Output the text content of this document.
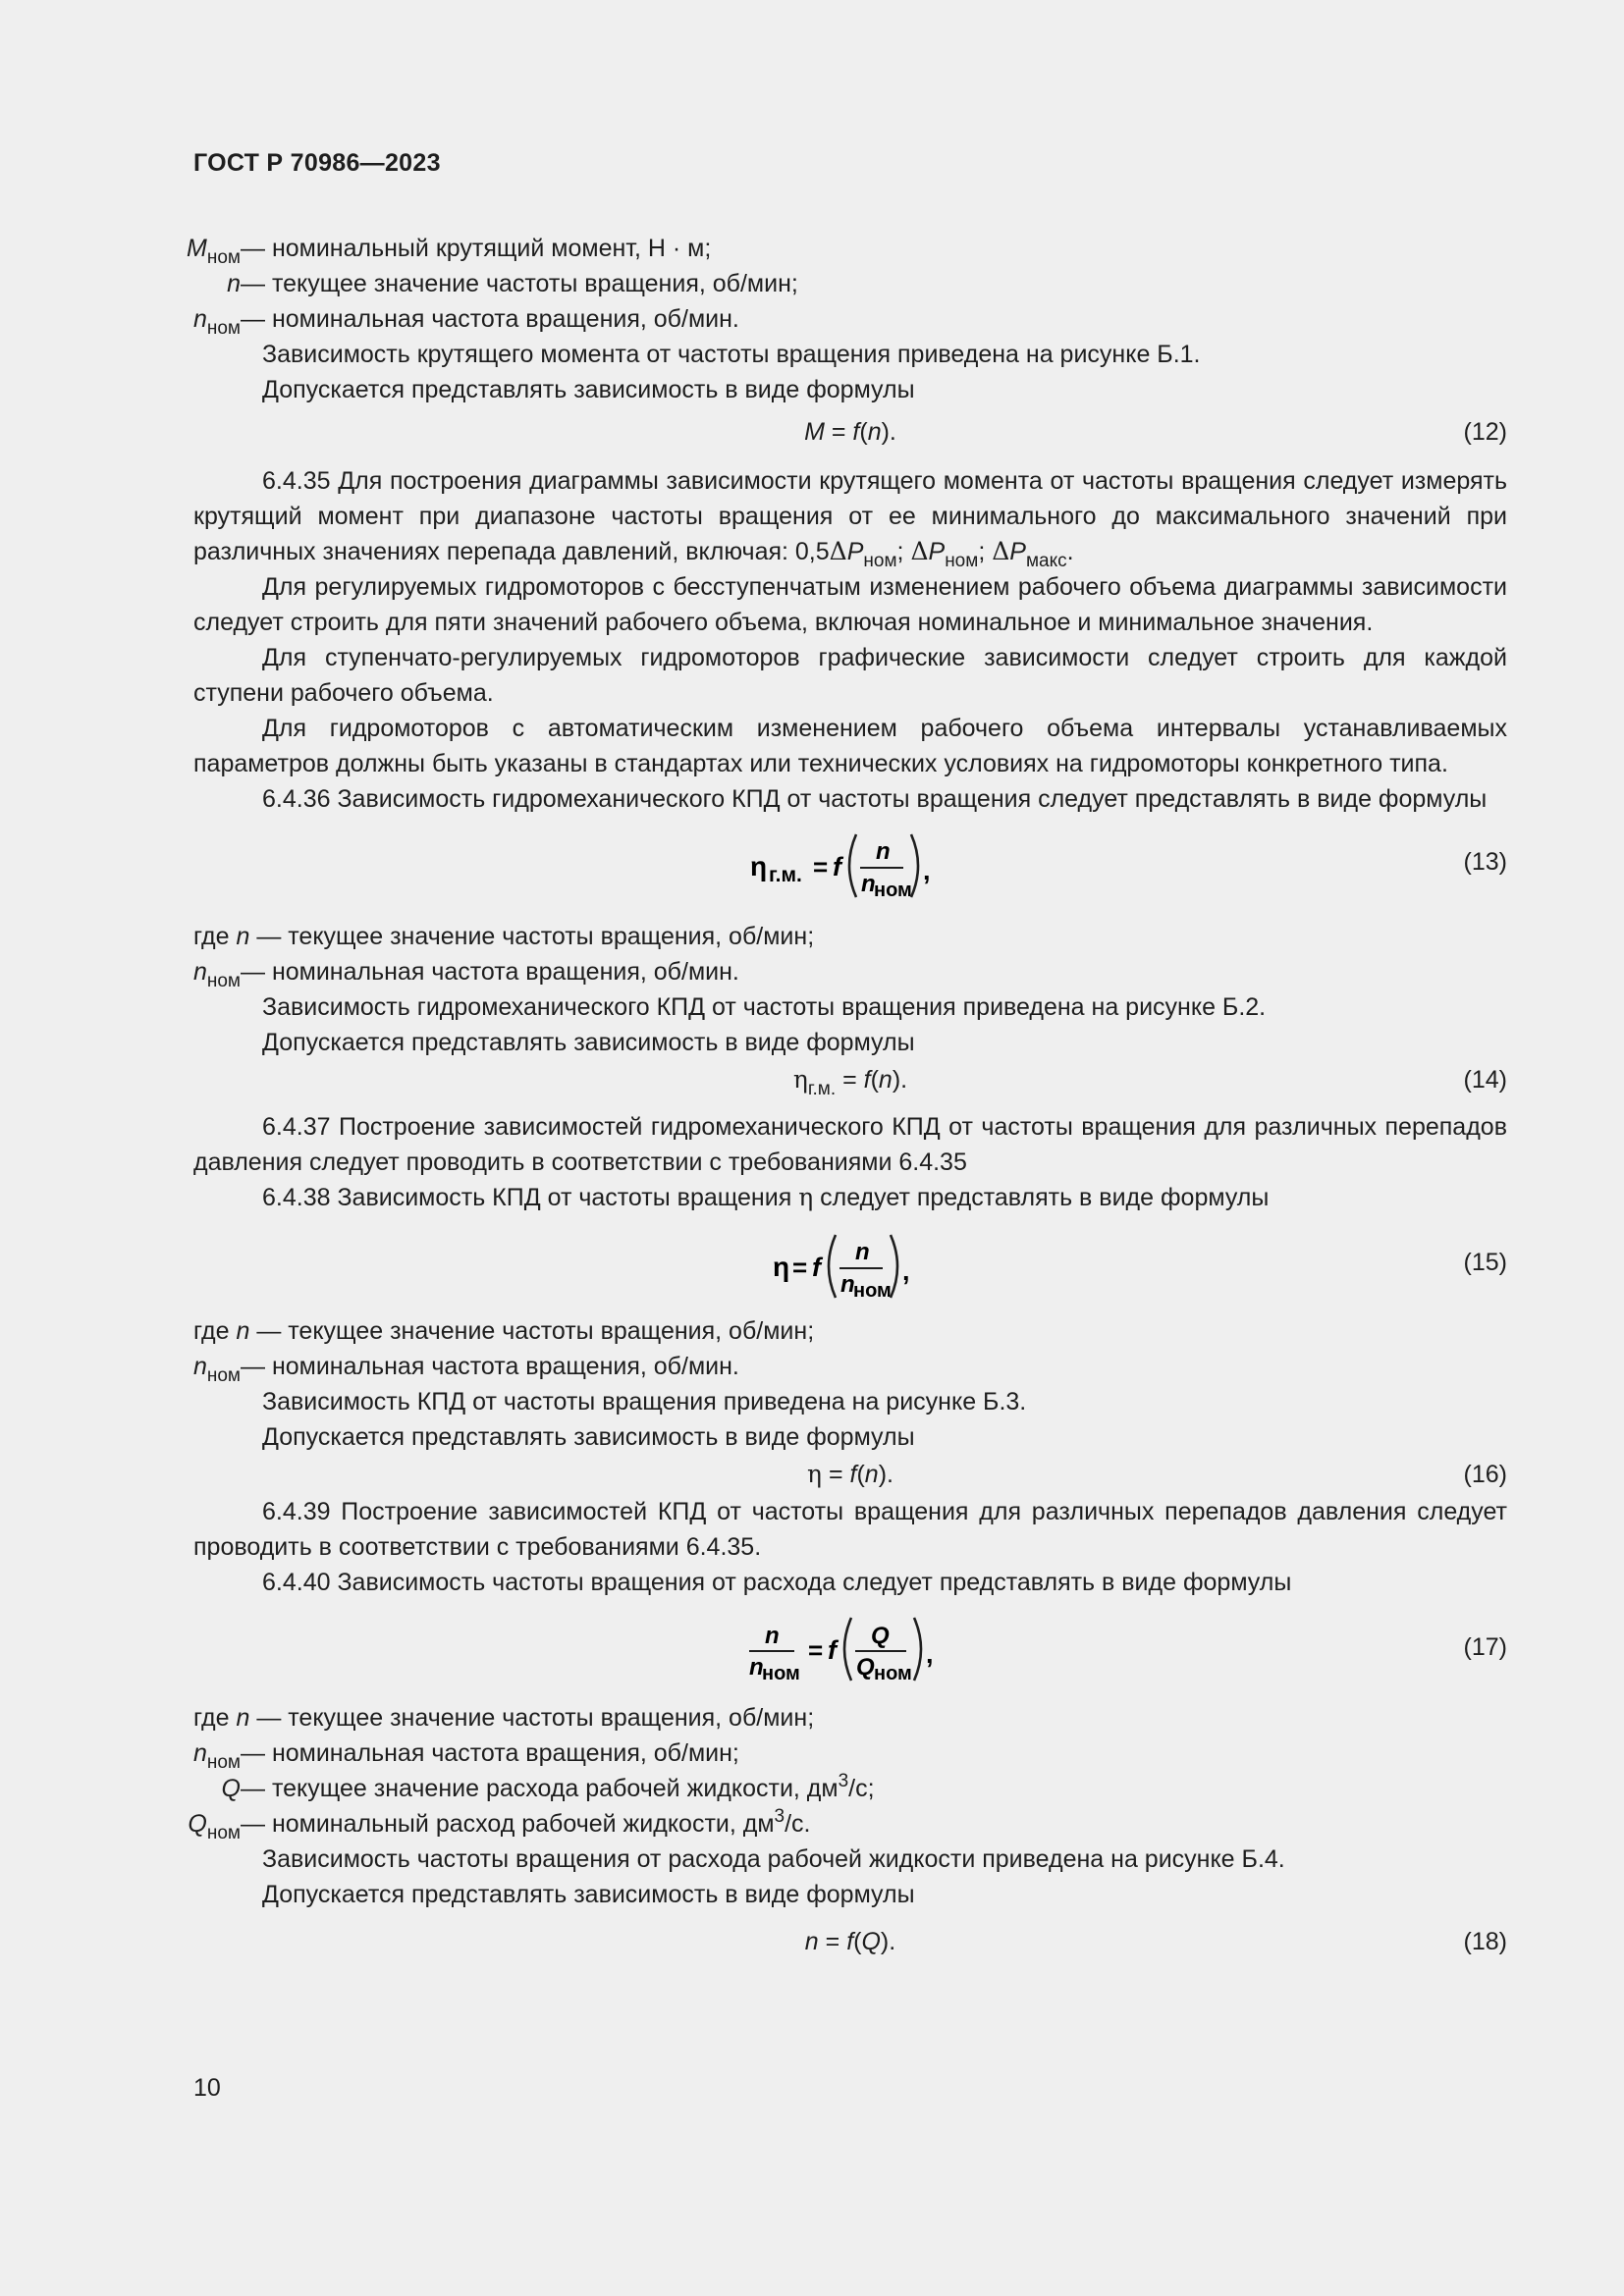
ГОСТ Р 70986—2023
$M_{ном}$ — номинальный крутящий момент, Н · м;
n — текущее значение частоты вращения, об/мин;
$n_{ном}$ — номинальная частота вращения, об/мин.

Зависимость крутящего момента от частоты вращения приведена на рисунке Б.1.

Допускается представлять зависимость в виде формулы

M = f(n).	(12)

6.4.35 Для построения диаграммы зависимости крутящего момента от частоты вращения следует измерять крутящий момент при диапазоне частоты вращения от ее минимального до максимального значений при различных значениях перепада давлений, включая: $0,5\Delta P_{ном}$; $\Delta P_{ном}$; $\Delta P_{макс}$.

Для регулируемых гидромоторов с бесступенчатым изменением рабочего объема диаграммы зависимости следует строить для пяти значений рабочего объема, включая номинальное и минимальное значения.

Для ступенчато-регулируемых гидромоторов графические зависимости следует строить для каждой ступени рабочего объема.

Для гидромоторов с автоматическим изменением рабочего объема интервалы устанавливаемых параметров должны быть указаны в стандартах или технических условиях на гидромоторы конкретного типа.

6.4.36 Зависимость гидромеханического КПД от частоты вращения следует представлять в виде формулы

(13)
η г.м. = f
n
n
ном
,
где n — текущее значение частоты вращения, об/мин;
$n_{ном}$ — номинальная частота вращения, об/мин.

Зависимость гидромеханического КПД от частоты вращения приведена на рисунке Б.2.

Допускается представлять зависимость в виде формулы

$\eta_{г.м.} = f(n)$.	(14)

6.4.37 Построение зависимостей гидромеханического КПД от частоты вращения для различных перепадов давления следует проводить в соответствии с требованиями 6.4.35

6.4.38 Зависимость КПД от частоты вращения η следует представлять в виде формулы

(15)
η = f
n
n
ном
,
где n — текущее значение частоты вращения, об/мин;
$n_{ном}$ — номинальная частота вращения, об/мин.

Зависимость КПД от частоты вращения приведена на рисунке Б.3.

Допускается представлять зависимость в виде формулы

η = f(n).	(16)

6.4.39 Построение зависимостей КПД от частоты вращения для различных перепадов давления следует проводить в соответствии с требованиями 6.4.35.

6.4.40 Зависимость частоты вращения от расхода следует представлять в виде формулы

(17)
n
n
ном
= f Q
Q ном
,
где n — текущее значение частоты вращения, об/мин;
$n_{ном}$ — номинальная частота вращения, об/мин;
Q — текущее значение расхода рабочей жидкости, $дм^3/с$;
$Q_{ном}$ — номинальный расход рабочей жидкости, $дм^3/с$.

Зависимость частоты вращения от расхода рабочей жидкости приведена на рисунке Б.4.

Допускается представлять зависимость в виде формулы

n = f(Q).	(18)
10
